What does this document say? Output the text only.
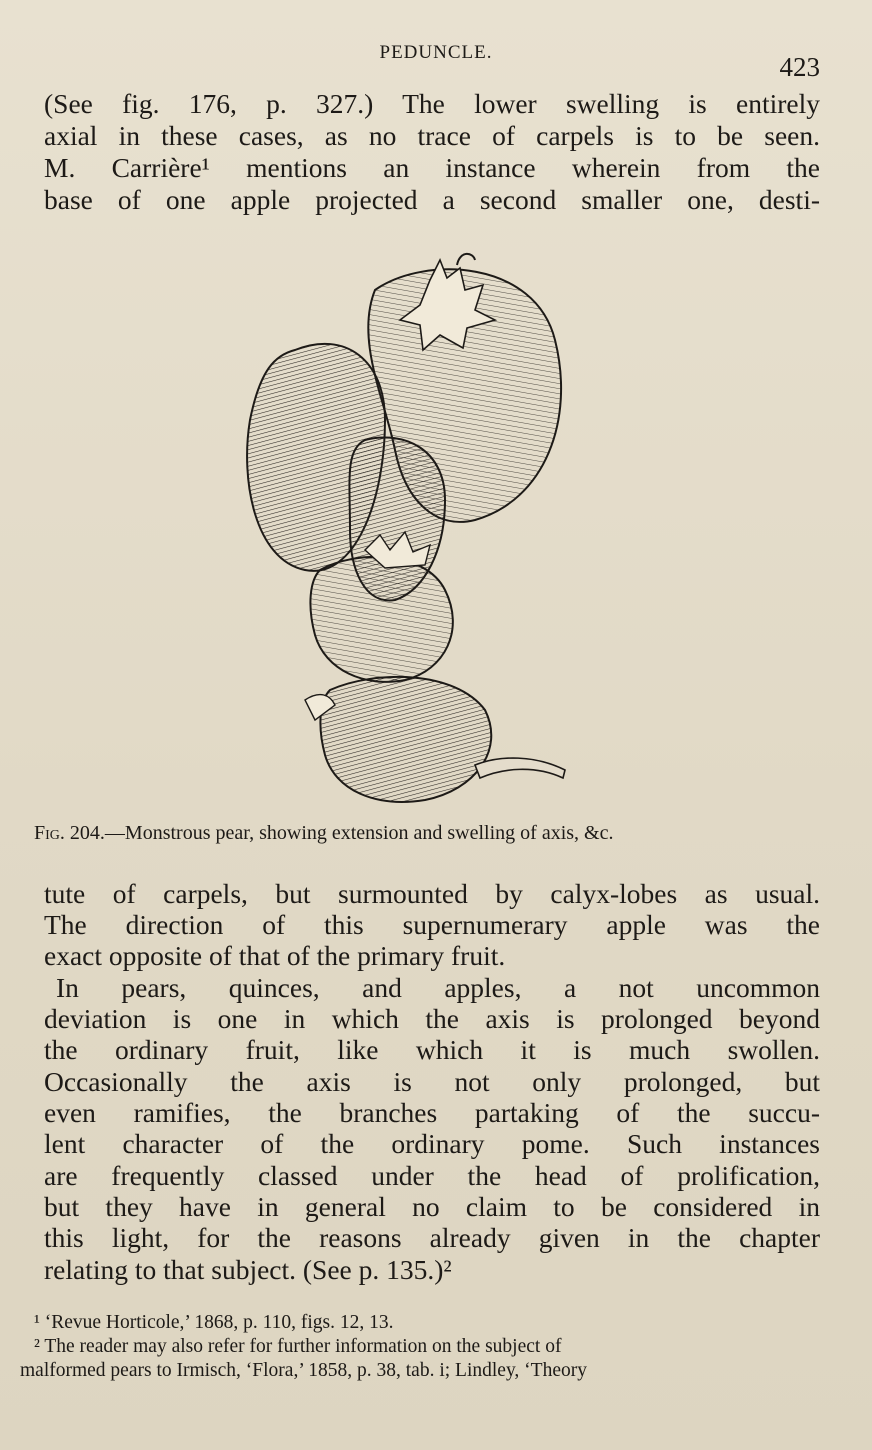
PEDUNCLE.	423
(See fig. 176, p. 327.) The lower swelling is entirely
axial in these cases, as no trace of carpels is to be seen.
M. Carrière¹ mentions an instance wherein from the
base of one apple projected a second smaller one, desti-
Fig. 204.—Monstrous pear, showing extension and swelling of axis, &c.
tute of carpels, but surmounted by calyx-lobes as usual.
The direction of this supernumerary apple was the
exact opposite of that of the primary fruit.
In pears, quinces, and apples, a not uncommon
deviation is one in which the axis is prolonged beyond
the ordinary fruit, like which it is much swollen.
Occasionally the axis is not only prolonged, but
even ramifies, the branches partaking of the succu-
lent character of the ordinary pome. Such instances
are frequently classed under the head of prolification,
but they have in general no claim to be considered in
this light, for the reasons already given in the chapter
relating to that subject. (See p. 135.)²
¹ ‘Revue Horticole,’ 1868, p. 110, figs. 12, 13.
² The reader may also refer for further information on the subject of
malformed pears to Irmisch, ‘Flora,’ 1858, p. 38, tab. i; Lindley, ‘Theory
